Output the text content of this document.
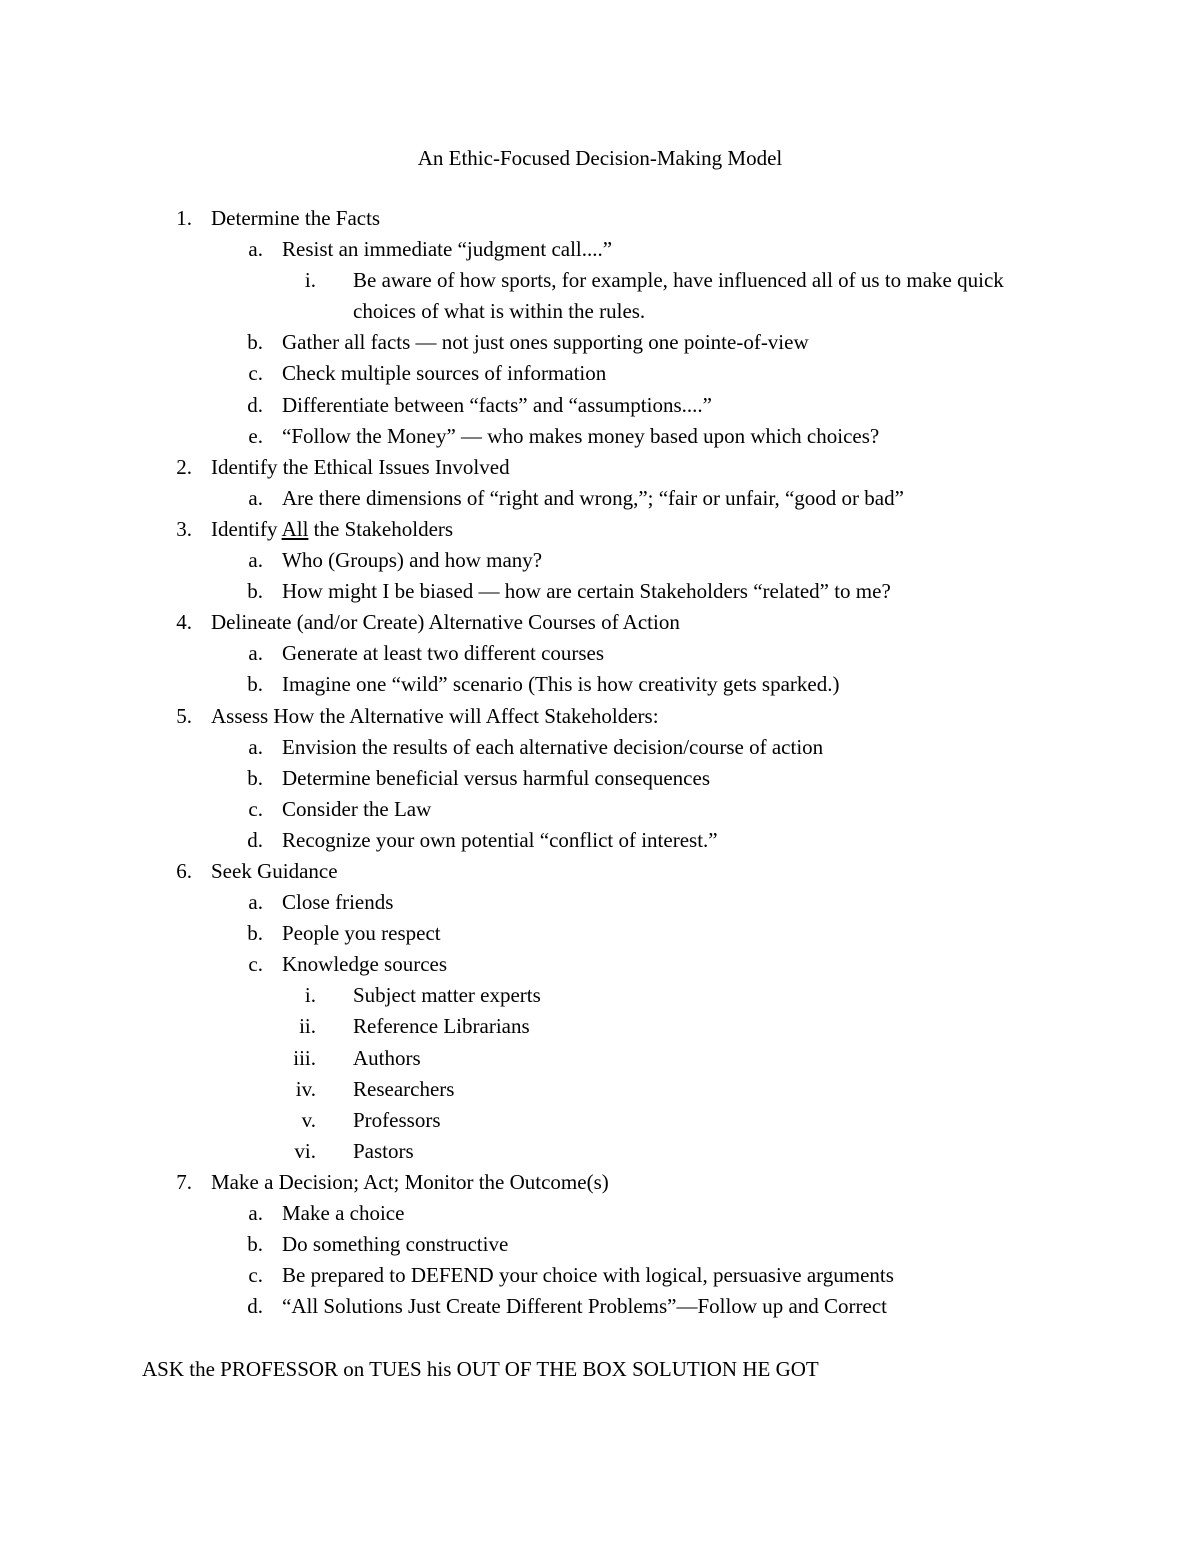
An Ethic-Focused Decision-Making Model
1. Determine the Facts
a. Resist an immediate “judgment call....”
i. Be aware of how sports, for example, have influenced all of us to make quick choices of what is within the rules.
b. Gather all facts — not just ones supporting one pointe-of-view
c. Check multiple sources of information
d. Differentiate between “facts” and “assumptions....”
e. “Follow the Money” — who makes money based upon which choices?
2. Identify the Ethical Issues Involved
a. Are there dimensions of “right and wrong,”; “fair or unfair, “good or bad”
3. Identify All the Stakeholders
a. Who (Groups) and how many?
b. How might I be biased — how are certain Stakeholders “related” to me?
4. Delineate (and/or Create) Alternative Courses of Action
a. Generate at least two different courses
b. Imagine one “wild” scenario (This is how creativity gets sparked.)
5. Assess How the Alternative will Affect Stakeholders:
a. Envision the results of each alternative decision/course of action
b. Determine beneficial versus harmful consequences
c. Consider the Law
d. Recognize your own potential “conflict of interest.”
6. Seek Guidance
a. Close friends
b. People you respect
c. Knowledge sources
i. Subject matter experts
ii. Reference Librarians
iii. Authors
iv. Researchers
v. Professors
vi. Pastors
7. Make a Decision; Act; Monitor the Outcome(s)
a. Make a choice
b. Do something constructive
c. Be prepared to DEFEND your choice with logical, persuasive arguments
d. “All Solutions Just Create Different Problems”—Follow up and Correct
ASK the PROFESSOR on TUES his OUT OF THE BOX SOLUTION HE GOT
